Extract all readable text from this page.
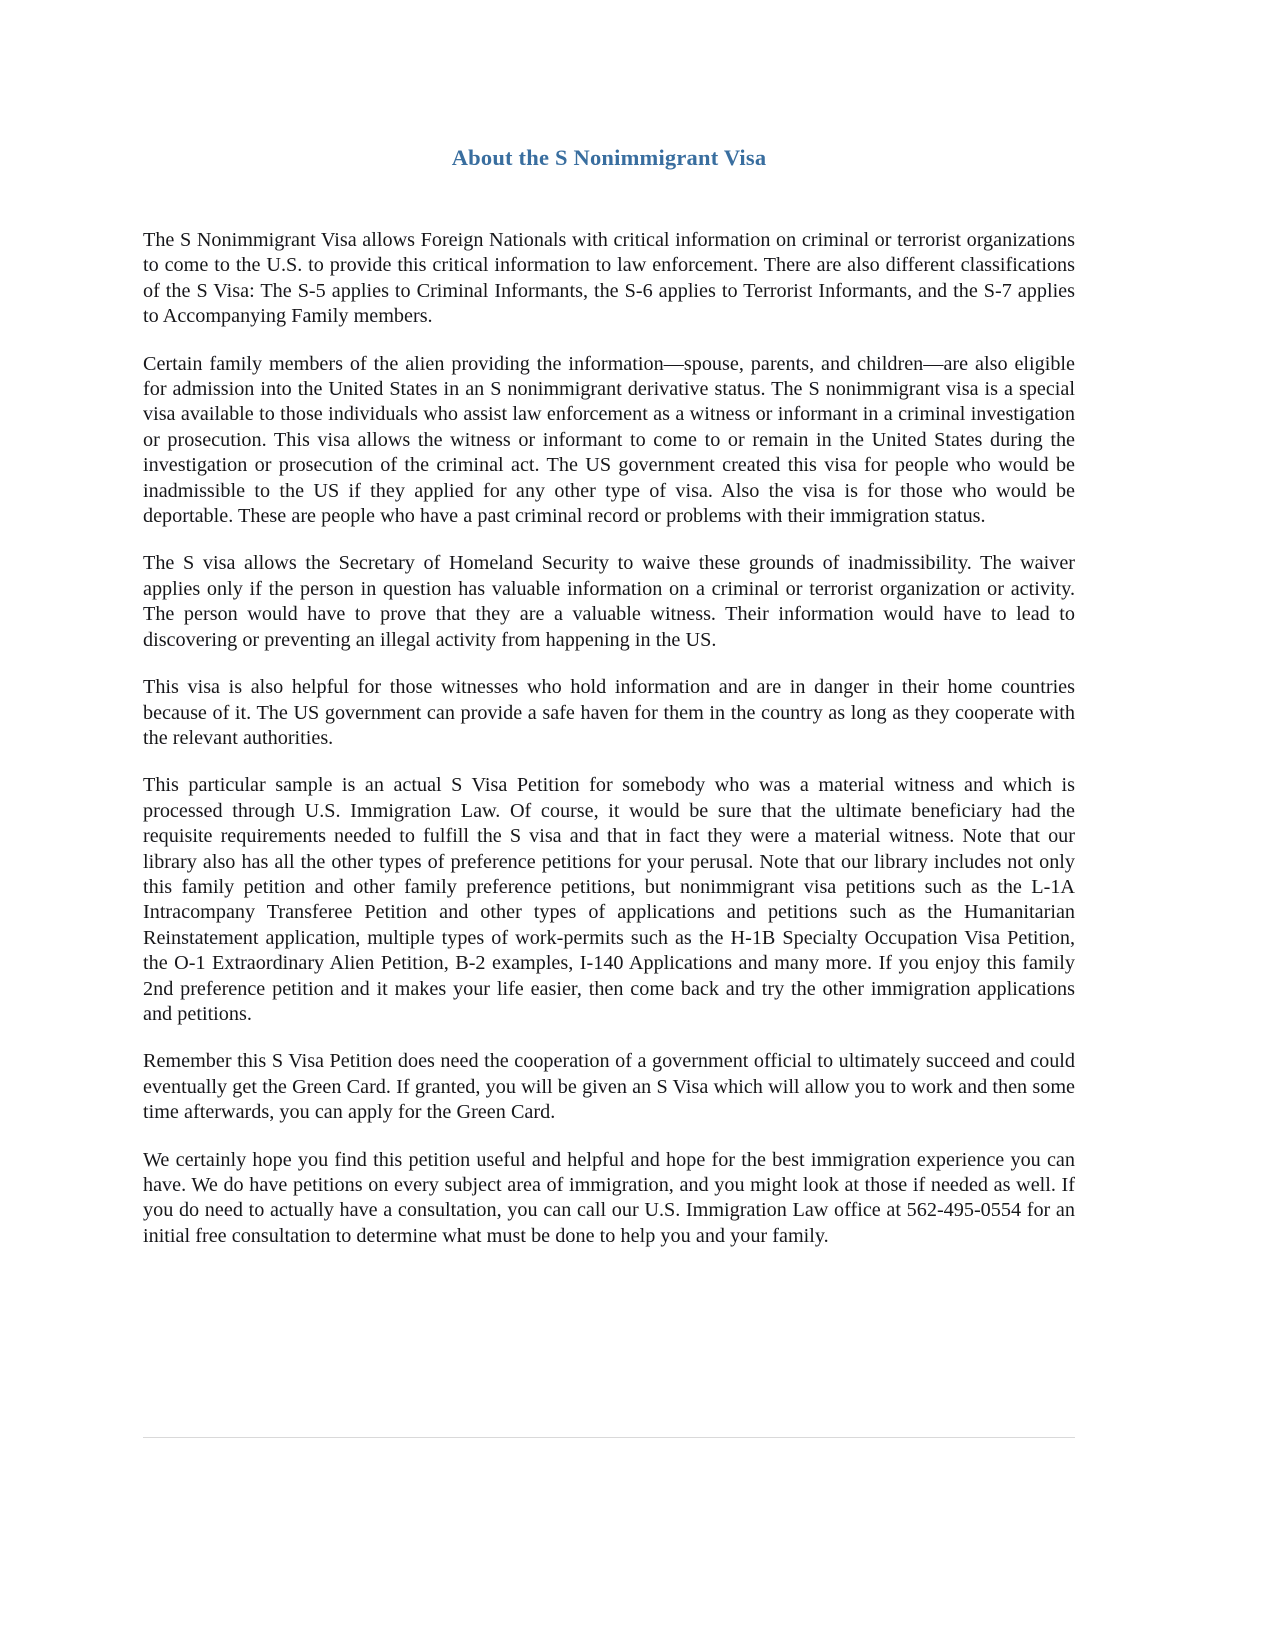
About the S Nonimmigrant Visa

The S Nonimmigrant Visa allows Foreign Nationals with critical information on criminal or terrorist organizations to come to the U.S. to provide this critical information to law enforcement. There are also different classifications of the S Visa: The S-5 applies to Criminal Informants, the S-6 applies to Terrorist Informants, and the S-7 applies to Accompanying Family members.

Certain family members of the alien providing the information—spouse, parents, and children—are also eligible for admission into the United States in an S nonimmigrant derivative status. The S nonimmigrant visa is a special visa available to those individuals who assist law enforcement as a witness or informant in a criminal investigation or prosecution. This visa allows the witness or informant to come to or remain in the United States during the investigation or prosecution of the criminal act. The US government created this visa for people who would be inadmissible to the US if they applied for any other type of visa. Also the visa is for those who would be deportable. These are people who have a past criminal record or problems with their immigration status.

The S visa allows the Secretary of Homeland Security to waive these grounds of inadmissibility. The waiver applies only if the person in question has valuable information on a criminal or terrorist organization or activity. The person would have to prove that they are a valuable witness. Their information would have to lead to discovering or preventing an illegal activity from happening in the US.

This visa is also helpful for those witnesses who hold information and are in danger in their home countries because of it. The US government can provide a safe haven for them in the country as long as they cooperate with the relevant authorities.

This particular sample is an actual S Visa Petition for somebody who was a material witness and which is processed through U.S. Immigration Law. Of course, it would be sure that the ultimate beneficiary had the requisite requirements needed to fulfill the S visa and that in fact they were a material witness. Note that our library also has all the other types of preference petitions for your perusal. Note that our library includes not only this family petition and other family preference petitions, but nonimmigrant visa petitions such as the L-1A Intracompany Transferee Petition and other types of applications and petitions such as the Humanitarian Reinstatement application, multiple types of work-permits such as the H-1B Specialty Occupation Visa Petition, the O-1 Extraordinary Alien Petition, B-2 examples, I-140 Applications and many more. If you enjoy this family 2nd preference petition and it makes your life easier, then come back and try the other immigration applications and petitions.

Remember this S Visa Petition does need the cooperation of a government official to ultimately succeed and could eventually get the Green Card. If granted, you will be given an S Visa which will allow you to work and then some time afterwards, you can apply for the Green Card.

We certainly hope you find this petition useful and helpful and hope for the best immigration experience you can have. We do have petitions on every subject area of immigration, and you might look at those if needed as well. If you do need to actually have a consultation, you can call our U.S. Immigration Law office at 562-495-0554 for an initial free consultation to determine what must be done to help you and your family.
